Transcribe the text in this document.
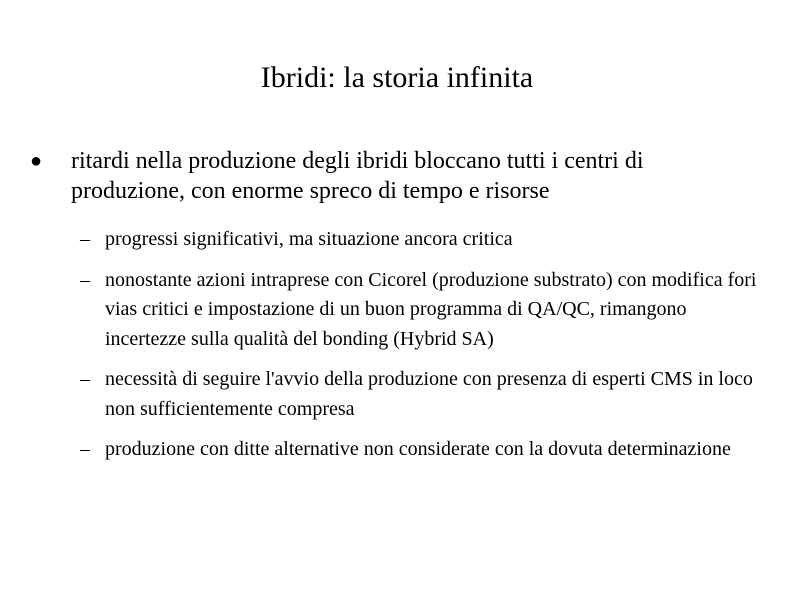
Ibridi: la storia infinita
● ritardi nella produzione degli ibridi bloccano tutti i centri di produzione, con enorme spreco di tempo e risorse
– progressi significativi, ma situazione ancora critica
– nonostante azioni intraprese con Cicorel (produzione substrato) con modifica fori vias critici e impostazione di un buon programma di QA/QC, rimangono incertezze sulla qualità del bonding (Hybrid SA)
– necessità di seguire l'avvio della produzione con presenza di esperti CMS in loco non sufficientemente compresa
– produzione con ditte alternative non considerate con la dovuta determinazione
